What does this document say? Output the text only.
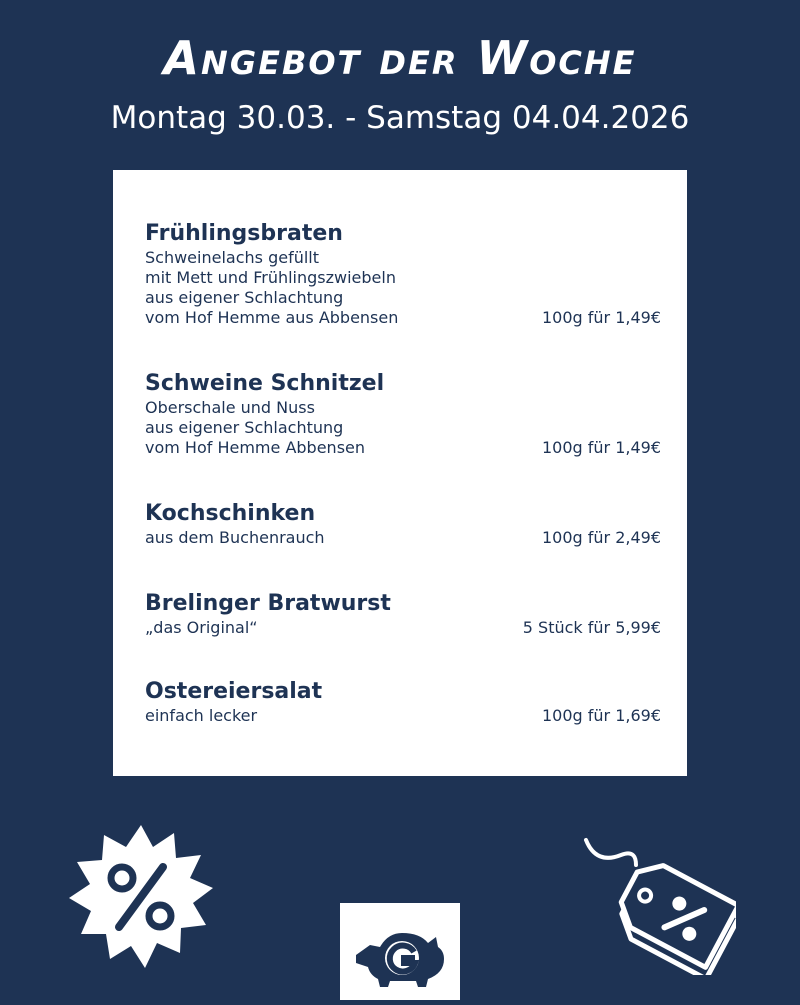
Angebot der Woche
Montag 30.03. - Samstag 04.04.2026
Frühlingsbraten
Schweinelachs gefüllt
mit Mett und Frühlingszwiebeln
aus eigener Schlachtung
vom Hof Hemme aus Abbensen	100g für 1,49€
Schweine Schnitzel
Oberschale und Nuss
aus eigener Schlachtung
vom Hof Hemme Abbensen	100g für 1,49€
Kochschinken
aus dem Buchenrauch	100g für 2,49€
Brelinger Bratwurst
„das Original“	5 Stück für 5,99€
Ostereiersalat
einfach lecker	100g für 1,69€
